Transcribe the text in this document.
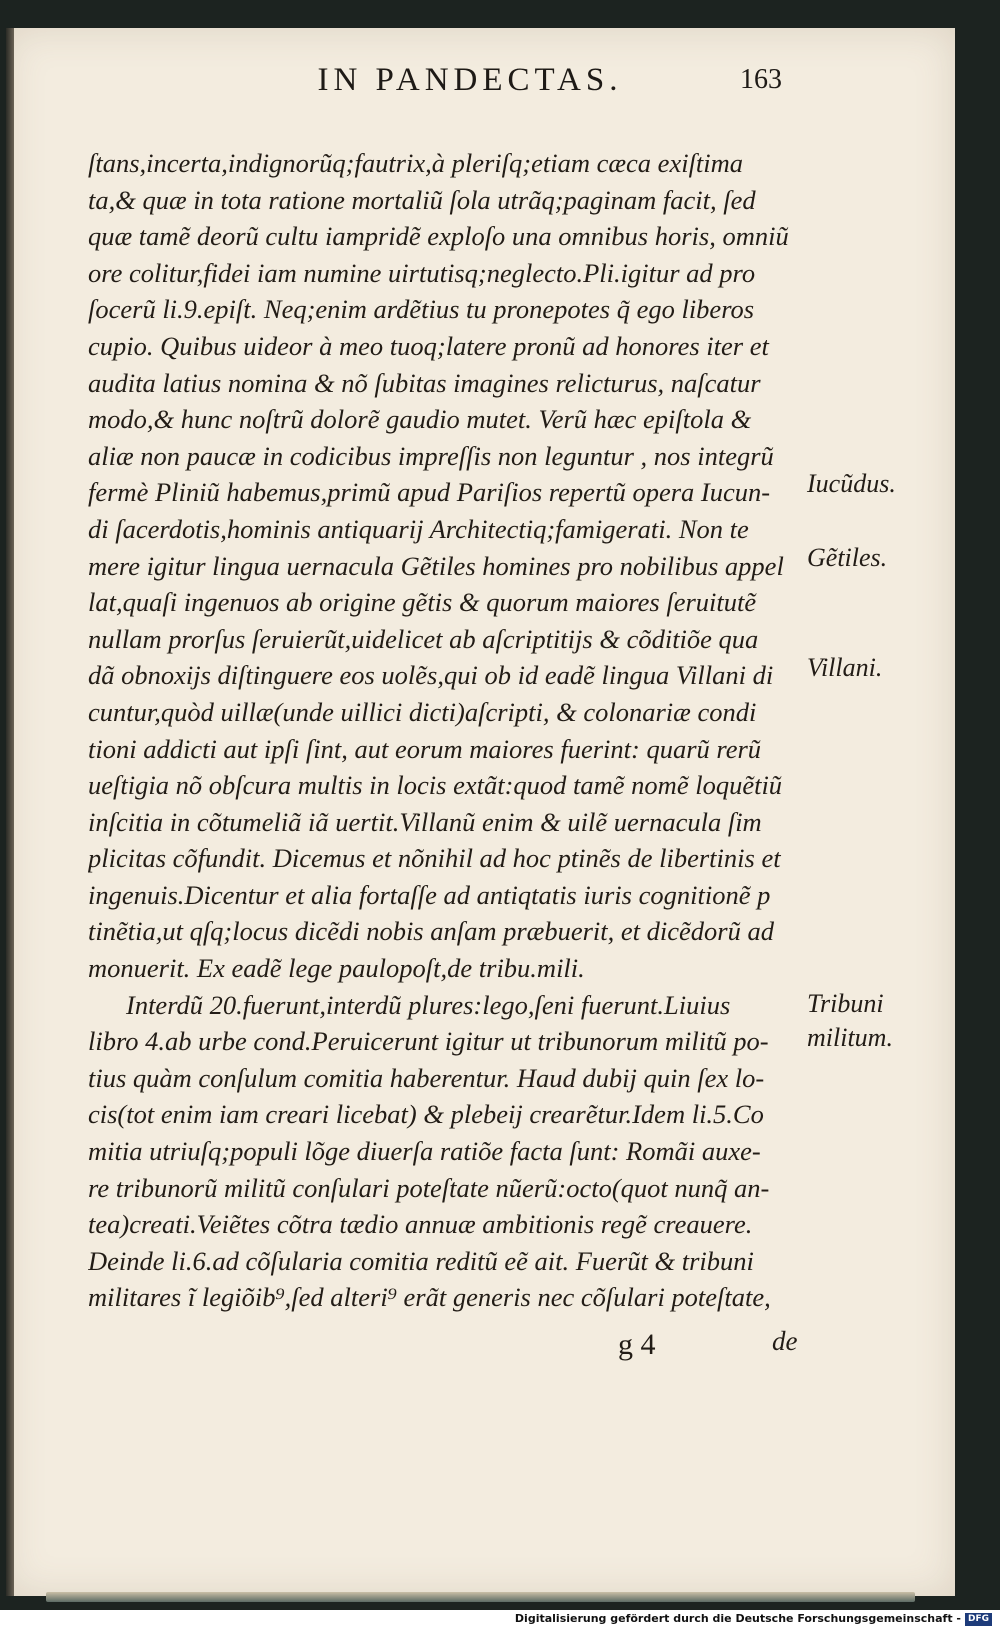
IN PANDECTAS.	163
ſtans,incerta,indignorũq;fautrix,à pleriſq;etiam cæca exiſtima
ta,& quæ in tota ratione mortaliũ ſola utrãq;paginam facit, ſed
quæ tamẽ deorũ cultu iampridẽ exploſo una omnibus horis, omniũ
ore colitur,fidei iam numine uirtutisq;neglecto.Pli.igitur ad pro
ſocerũ li.9.epiſt. Neq;enim ardẽtius tu pronepotes q̃ ego liberos
cupio. Quibus uideor à meo tuoq;latere pronũ ad honores iter et
audita latius nomina & nõ ſubitas imagines relicturus, naſcatur
modo,& hunc noſtrũ dolorẽ gaudio mutet. Verũ hæc epiſtola &
aliæ non paucæ in codicibus impreſſis non leguntur , nos integrũ
fermè Pliniũ habemus,primũ apud Pariſios repertũ opera Iucun-
di ſacerdotis,hominis antiquarij Architectiq;famigerati. Non te
mere igitur lingua uernacula Gẽtiles homines pro nobilibus appel
lat,quaſi ingenuos ab origine gẽtis & quorum maiores ſeruitutẽ
nullam prorſus ſeruierũt,uidelicet ab aſcriptitijs & cõditiõe qua
dã obnoxijs diſtinguere eos uolẽs,qui ob id eadẽ lingua Villani di
cuntur,quòd uillæ(unde uillici dicti)aſcripti, & colonariæ condi
tioni addicti aut ipſi ſint, aut eorum maiores fuerint: quarũ rerũ
ueſtigia nõ obſcura multis in locis extãt:quod tamẽ nomẽ loquẽtiũ
inſcitia in cõtumeliã iã uertit.Villanũ enim & uilẽ uernacula ſim
plicitas cõfundit. Dicemus et nõnihil ad hoc ptinẽs de libertinis et
ingenuis.Dicentur et alia fortaſſe ad antiqtatis iuris cognitionẽ p
tinẽtia,ut qſq;locus dicẽdi nobis anſam præbuerit, et dicẽdorũ ad
monuerit. Ex eadẽ lege paulopoſt,de tribu.mili.
Interdũ 20.fuerunt,interdũ plures:lego,ſeni fuerunt.Liuius
libro 4.ab urbe cond.Peruicerunt igitur ut tribunorum militũ po-
tius quàm conſulum comitia haberentur. Haud dubij quin ſex lo-
cis(tot enim iam creari licebat) & plebeij crearẽtur.Idem li.5.Co
mitia utriuſq;populi lõge diuerſa ratiõe facta ſunt: Romãi auxe-
re tribunorũ militũ conſulari poteſtate nũerũ:octo(quot nunq̃ an-
tea)creati.Veiẽtes cõtra tædio annuæ ambitionis regẽ creauere.
Deinde li.6.ad cõſularia comitia reditũ eẽ ait. Fuerũt & tribuni
militares ĩ legiõib⁹,ſed alteri⁹ erãt generis nec cõſulari poteſtate,
Iucũdus.
Gẽtiles.
Villani.
Tribuni
militum.
g 4	de
Digitalisierung gefördert durch die Deutsche Forschungsgemeinschaft - DFG
